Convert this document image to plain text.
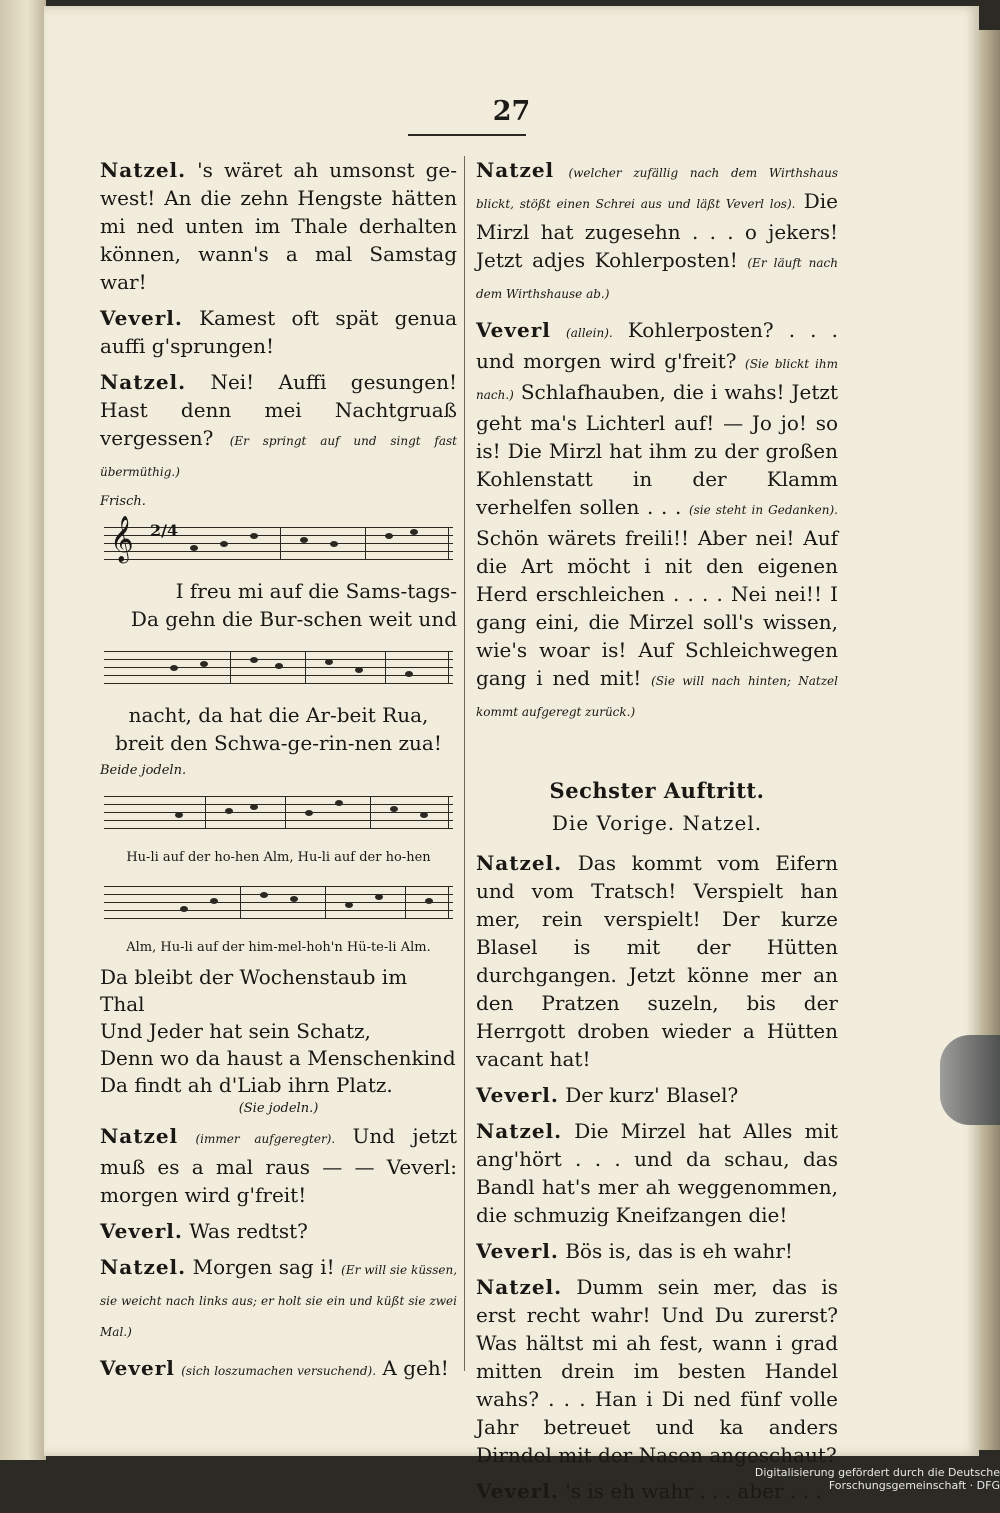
27

Natzel. 's wäret ah umsonst ge-west! An die zehn Hengste hätten mi ned unten im Thale derhalten können, wann's a mal Samstag war!

Veverl. Kamest oft spät genua auffi g'sprungen!

Natzel. Nei! Auffi gesungen! Hast denn mei Nachtgruaß vergessen? (Er springt auf und singt fast übermüthig.)

Frisch.
𝄞 2/4

I freu mi auf die Sams-tags-

Da gehn die Bur-schen weit und

nacht, da hat die Ar-beit Rua,

breit den Schwa-ge-rin-nen zua!

Beide jodeln.

Hu-li auf der ho-hen Alm, Hu-li auf der ho-hen

Alm, Hu-li auf der him-mel-hoh'n Hü-te-li Alm.

Da bleibt der Wochenstaub im Thal
Und Jeder hat sein Schatz,
Denn wo da haust a Menschenkind
Da findt ah d'Liab ihrn Platz.

(Sie jodeln.)

Natzel (immer aufgeregter). Und jetzt muß es a mal raus — — Veverl: morgen wird g'freit!

Veverl. Was redtst?

Natzel. Morgen sag i! (Er will sie küssen, sie weicht nach links aus; er holt sie ein und küßt sie zwei Mal.)

Veverl (sich loszumachen versuchend). A geh!

Natzel (welcher zufällig nach dem Wirthshaus blickt, stößt einen Schrei aus und läßt Veverl los). Die Mirzl hat zugesehn . . . o jekers! Jetzt adjes Kohlerposten! (Er läuft nach dem Wirthshause ab.)

Veverl (allein). Kohlerposten? . . . und morgen wird g'freit? (Sie blickt ihm nach.) Schlafhauben, die i wahs! Jetzt geht ma's Lichterl auf! — Jo jo! so is! Die Mirzl hat ihm zu der großen Kohlenstatt in der Klamm verhelfen sollen . . . (sie steht in Gedanken). Schön wärets freili!! Aber nei! Auf die Art möcht i nit den eigenen Herd erschleichen . . . . Nei nei!! I gang eini, die Mirzel soll's wissen, wie's woar is! Auf Schleichwegen gang i ned mit! (Sie will nach hinten; Natzel kommt aufgeregt zurück.)

Sechster Auftritt.
Die Vorige. Natzel.

Natzel. Das kommt vom Eifern und vom Tratsch! Verspielt han mer, rein verspielt! Der kurze Blasel is mit der Hütten durchgangen. Jetzt könne mer an den Pratzen suzeln, bis der Herrgott droben wieder a Hütten vacant hat!

Veverl. Der kurz' Blasel?

Natzel. Die Mirzel hat Alles mit ang'hört . . . und da schau, das Bandl hat's mer ah weggenommen, die schmuzig Kneifzangen die!

Veverl. Bös is, das is eh wahr!

Natzel. Dumm sein mer, das is erst recht wahr! Und Du zurerst? Was hältst mi ah fest, wann i grad mitten drein im besten Handel wahs? . . . Han i Di ned fünf volle Jahr betreuet und ka anders Dirndel mit der Nasen angeschaut?

Veverl. 's is eh wahr . . . aber . . .

Digitalisierung gefördert durch die Deutsche Forschungsgemeinschaft · DFG
